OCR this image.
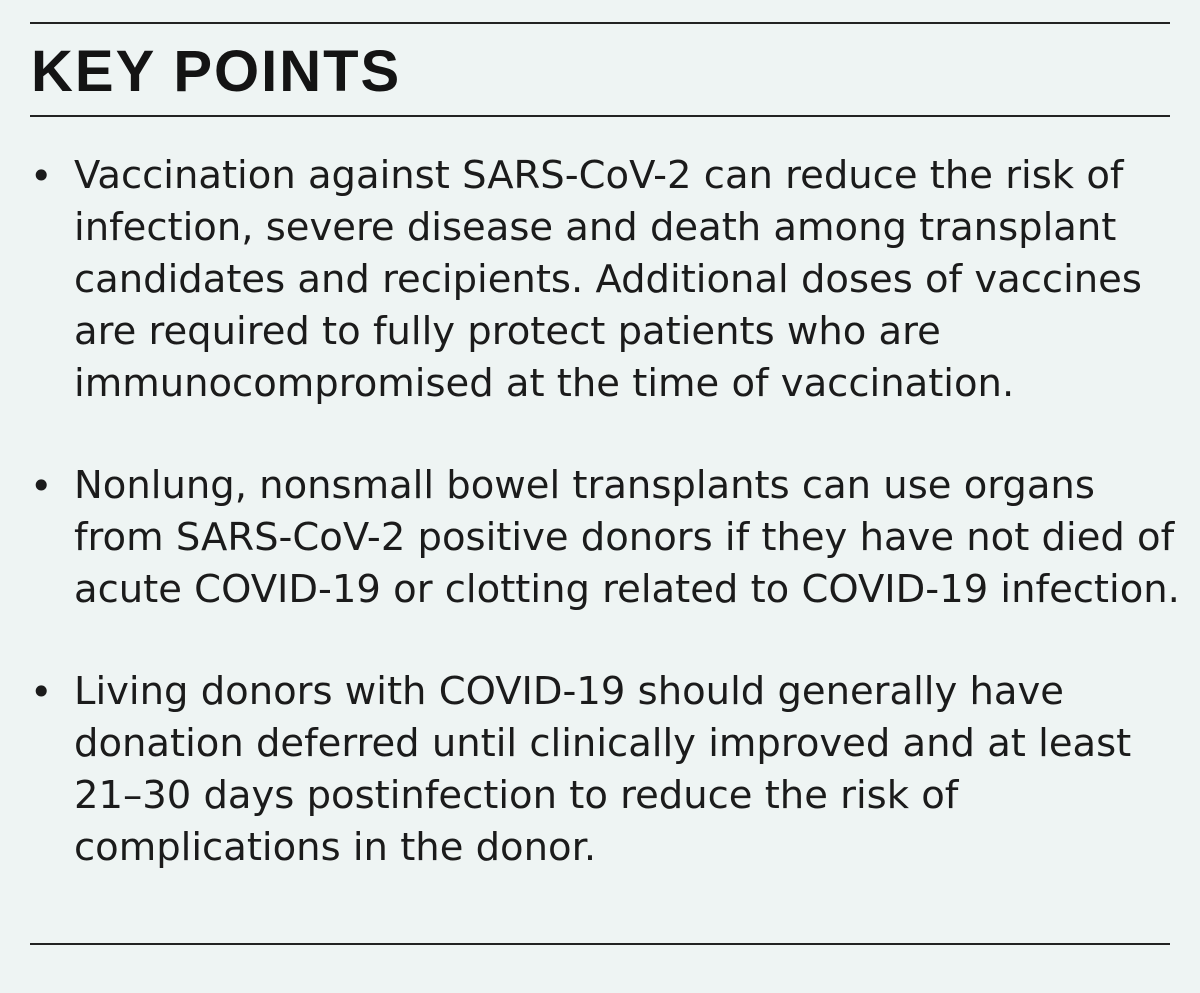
KEY POINTS
• Vaccination against SARS-CoV-2 can reduce the risk of infection, severe disease and death among transplant candidates and recipients. Additional doses of vaccines are required to fully protect patients who are immunocompromised at the time of vaccination.
• Nonlung, nonsmall bowel transplants can use organs from SARS-CoV-2 positive donors if they have not died of acute COVID-19 or clotting related to COVID-19 infection.
• Living donors with COVID-19 should generally have donation deferred until clinically improved and at least 21–30 days postinfection to reduce the risk of complications in the donor.
